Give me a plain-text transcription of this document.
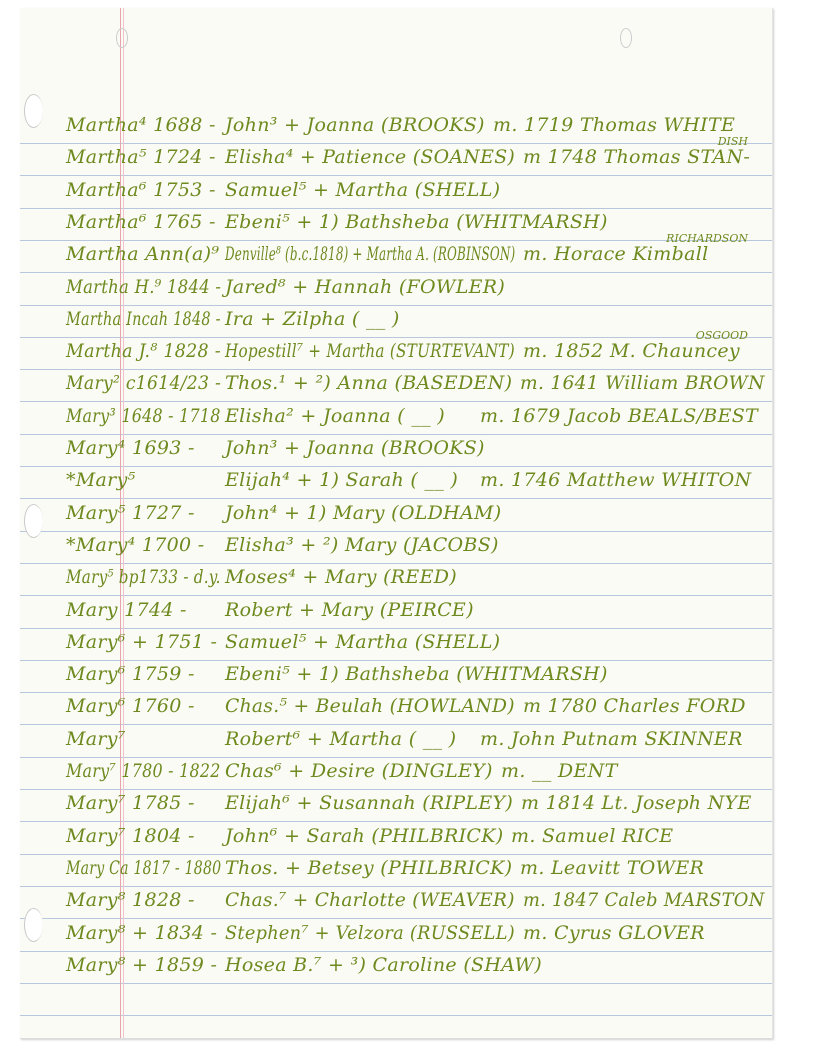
Martha⁴ 1688 - John³ + Joanna (BROOKS) m. 1719 Thomas WHITE
Martha⁵ 1724 - Elisha⁴ + Patience (SOANES) m 1748 Thomas STAN-
DISH
Martha⁶ 1753 - Samuel⁵ + Martha (SHELL)
Martha⁶ 1765 - Ebeni⁵ + 1) Bathsheba (WHITMARSH)
Martha Ann(a)⁹ Denville⁸ (b.c.1818) + Martha A. (ROBINSON) m. Horace Kimball
RICHARDSON
Martha H.⁹ 1844 - Jared⁸ + Hannah (FOWLER)
Martha Incah 1848 - Ira + Zilpha ( __ )
Martha J.⁸ 1828 - Hopestill⁷ + Martha (STURTEVANT) m. 1852 M. Chauncey
OSGOOD
Mary² c1614/23 - Thos.¹ + ²) Anna (BASEDEN) m. 1641 William BROWN
Mary³ 1648 - 1718 Elisha² + Joanna ( __ ) m. 1679 Jacob BEALS/BEST
Mary⁴ 1693 - John³ + Joanna (BROOKS)
*Mary⁵	Elijah⁴ + 1) Sarah ( __ ) m. 1746 Matthew WHITON
Mary⁵ 1727 - John⁴ + 1) Mary (OLDHAM)
*Mary⁴ 1700 - Elisha³ + ²) Mary (JACOBS)
Mary⁵ bp1733 - d.y. Moses⁴ + Mary (REED)
Mary 1744 - Robert + Mary (PEIRCE)
Mary⁶ + 1751 - Samuel⁵ + Martha (SHELL)
Mary⁶ 1759 - Ebeni⁵ + 1) Bathsheba (WHITMARSH)
Mary⁶ 1760 - Chas.⁵ + Beulah (HOWLAND) m 1780 Charles FORD
Mary⁷	Robert⁶ + Martha ( __ ) m. John Putnam SKINNER
Mary⁷ 1780 - 1822 Chas⁶ + Desire (DINGLEY) m. __ DENT
Mary⁷ 1785 - Elijah⁶ + Susannah (RIPLEY) m 1814 Lt. Joseph NYE
Mary⁷ 1804 - John⁶ + Sarah (PHILBRICK) m. Samuel RICE
Mary Ca 1817 - 1880 Thos. + Betsey (PHILBRICK) m. Leavitt TOWER
Mary⁸ 1828 - Chas.⁷ + Charlotte (WEAVER) m. 1847 Caleb MARSTON
Mary⁸ + 1834 - Stephen⁷ + Velzora (RUSSELL) m. Cyrus GLOVER
Mary⁸ + 1859 - Hosea B.⁷ + ³) Caroline (SHAW)
